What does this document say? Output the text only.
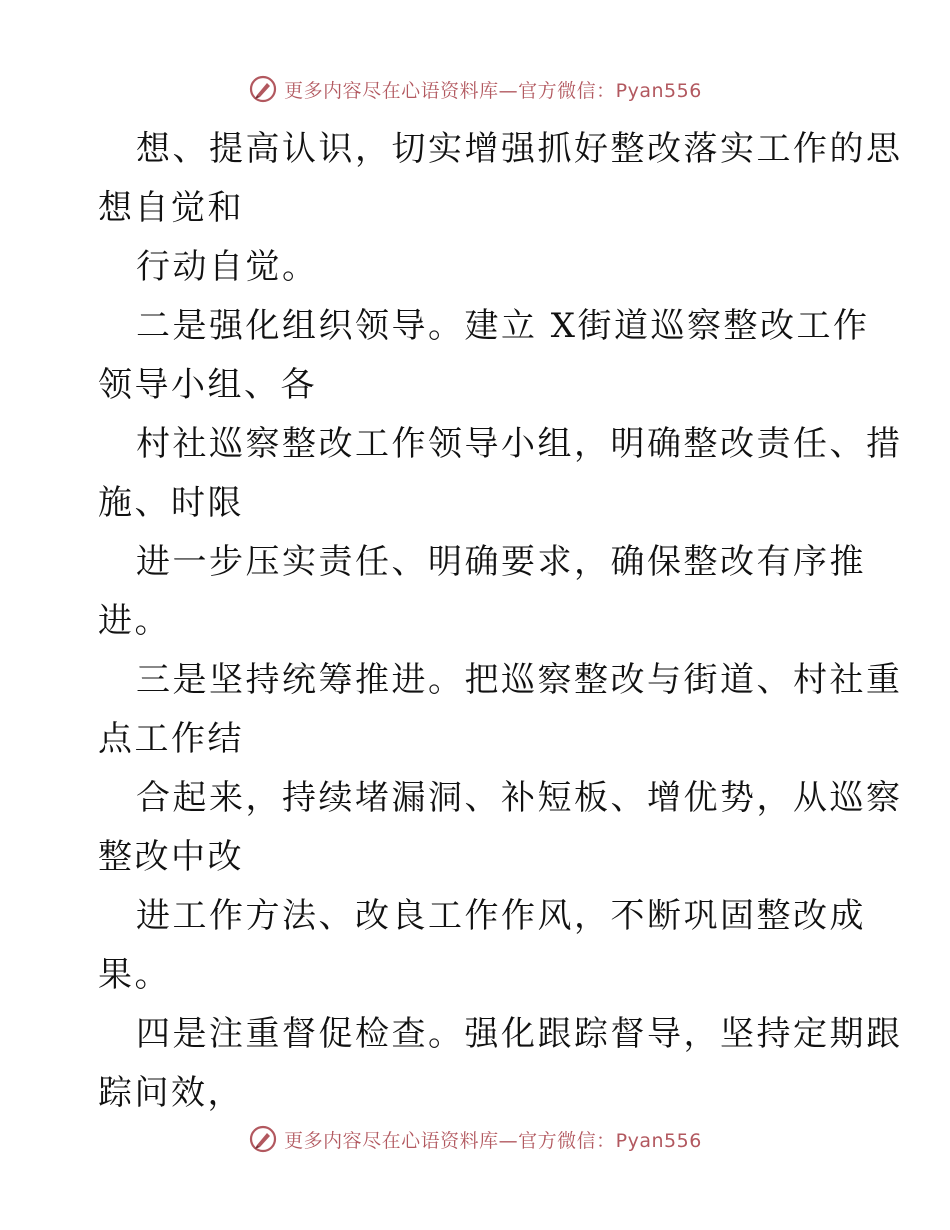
更多内容尽在心语资料库—官方微信：Pyan556
想、提高认识，切实增强抓好整改落实工作的思
想自觉和
行动自觉。
二是强化组织领导。建立 X街道巡察整改工作
领导小组、各
村社巡察整改工作领导小组，明确整改责任、措
施、时限
进一步压实责任、明确要求，确保整改有序推
进。
三是坚持统筹推进。把巡察整改与街道、村社重
点工作结
合起来，持续堵漏洞、补短板、增优势，从巡察
整改中改
进工作方法、改良工作作风，不断巩固整改成
果。
四是注重督促检查。强化跟踪督导，坚持定期跟
踪问效，
更多内容尽在心语资料库—官方微信：Pyan556
